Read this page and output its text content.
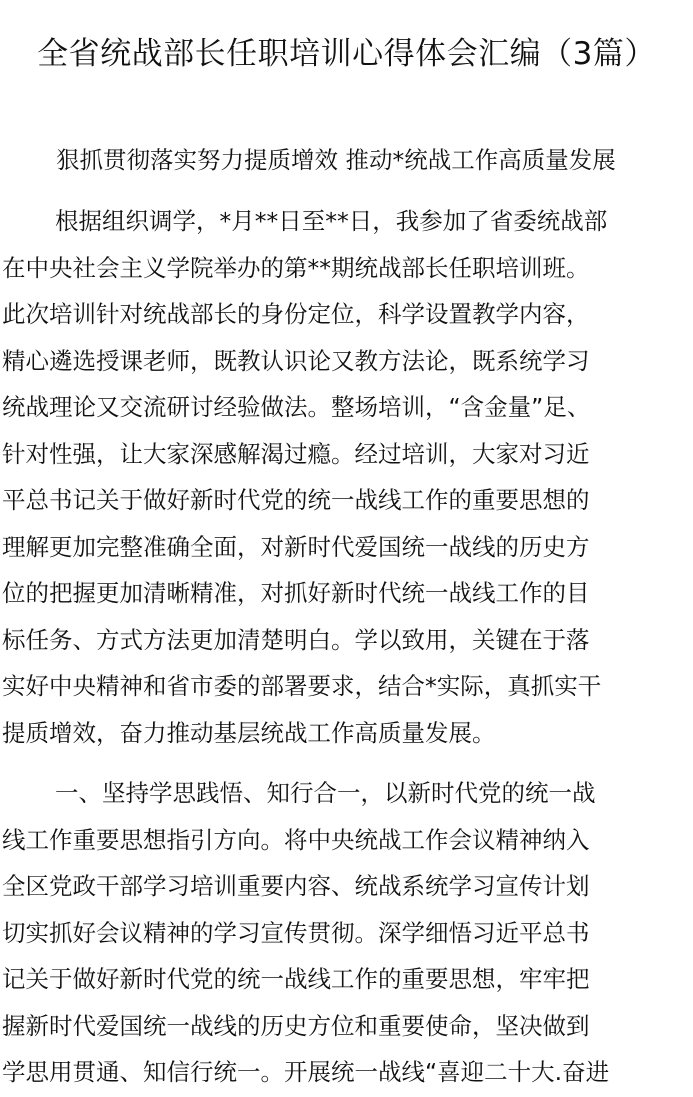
全省统战部长任职培训心得体会汇编（3篇）

狠抓贯彻落实努力提质增效 推动*统战工作高质量发展

根据组织调学，*月**日至**日，我参加了省委统战部
在中央社会主义学院举办的第**期统战部长任职培训班。
此次培训针对统战部长的身份定位，科学设置教学内容，
精心遴选授课老师，既教认识论又教方法论，既系统学习
统战理论又交流研讨经验做法。整场培训，“含金量”足、
针对性强，让大家深感解渴过瘾。经过培训，大家对习近
平总书记关于做好新时代党的统一战线工作的重要思想的
理解更加完整准确全面，对新时代爱国统一战线的历史方
位的把握更加清晰精准，对抓好新时代统一战线工作的目
标任务、方式方法更加清楚明白。学以致用，关键在于落
实好中央精神和省市委的部署要求，结合*实际，真抓实干
提质增效，奋力推动基层统战工作高质量发展。

一、坚持学思践悟、知行合一，以新时代党的统一战
线工作重要思想指引方向。将中央统战工作会议精神纳入
全区党政干部学习培训重要内容、统战系统学习宣传计划
切实抓好会议精神的学习宣传贯彻。深学细悟习近平总书
记关于做好新时代党的统一战线工作的重要思想，牢牢把
握新时代爱国统一战线的历史方位和重要使命，坚决做到
学思用贯通、知信行统一。开展统一战线“喜迎二十大.奋进
